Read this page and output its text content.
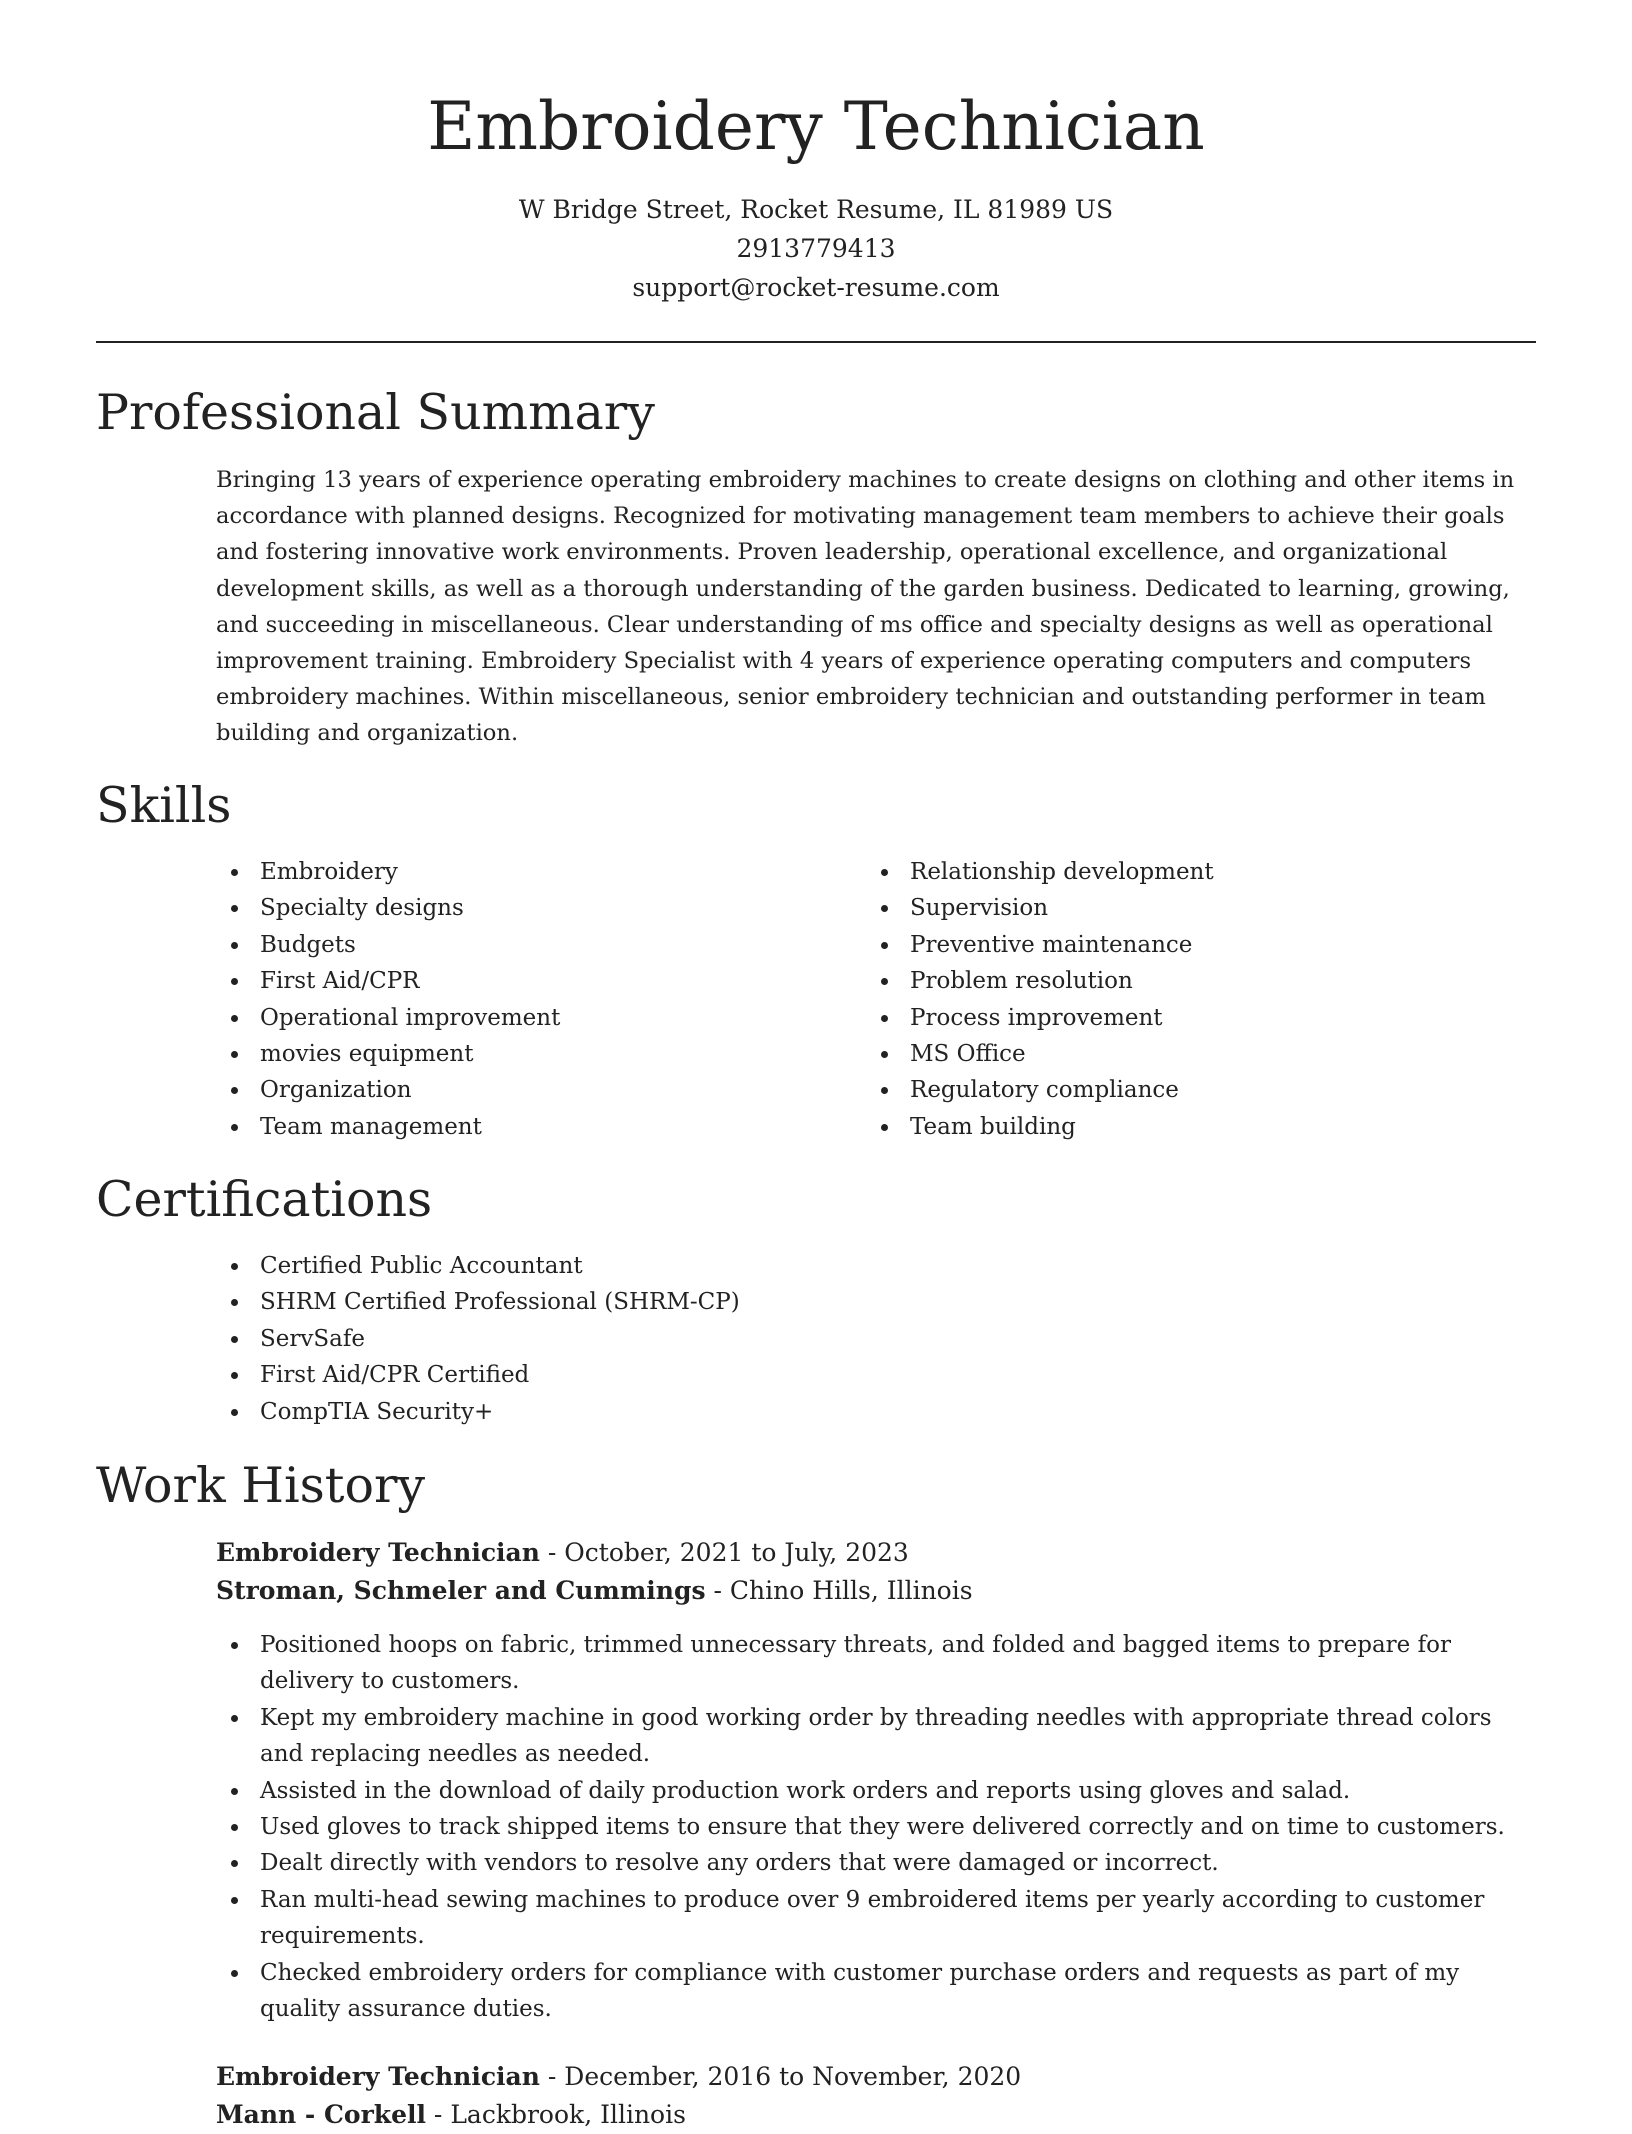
Embroidery Technician
W Bridge Street, Rocket Resume, IL 81989 US
2913779413
support@rocket-resume.com
Professional Summary

Bringing 13 years of experience operating embroidery machines to create designs on clothing and other items in accordance with planned designs. Recognized for motivating management team members to achieve their goals and fostering innovative work environments. Proven leadership, operational excellence, and organizational development skills, as well as a thorough understanding of the garden business. Dedicated to learning, growing, and succeeding in miscellaneous. Clear understanding of ms office and specialty designs as well as operational improvement training. Embroidery Specialist with 4 years of experience operating computers and computers embroidery machines. Within miscellaneous, senior embroidery technician and outstanding performer in team building and organization.

Skills
Embroidery
Specialty designs
Budgets
First Aid/CPR
Operational improvement
movies equipment
Organization
Team management
Relationship development
Supervision
Preventive maintenance
Problem resolution
Process improvement
MS Office
Regulatory compliance
Team building
Certifications
Certified Public Accountant
SHRM Certified Professional (SHRM-CP)
ServSafe
First Aid/CPR Certified
CompTIA Security+
Work History
Embroidery Technician - October, 2021 to July, 2023
Stroman, Schmeler and Cummings - Chino Hills, Illinois
Positioned hoops on fabric, trimmed unnecessary threats, and folded and bagged items to prepare for delivery to customers.
Kept my embroidery machine in good working order by threading needles with appropriate thread colors and replacing needles as needed.
Assisted in the download of daily production work orders and reports using gloves and salad.
Used gloves to track shipped items to ensure that they were delivered correctly and on time to customers.
Dealt directly with vendors to resolve any orders that were damaged or incorrect.
Ran multi-head sewing machines to produce over 9 embroidered items per yearly according to customer requirements.
Checked embroidery orders for compliance with customer purchase orders and requests as part of my quality assurance duties.
Embroidery Technician - December, 2016 to November, 2020
Mann - Corkell - Lackbrook, Illinois
